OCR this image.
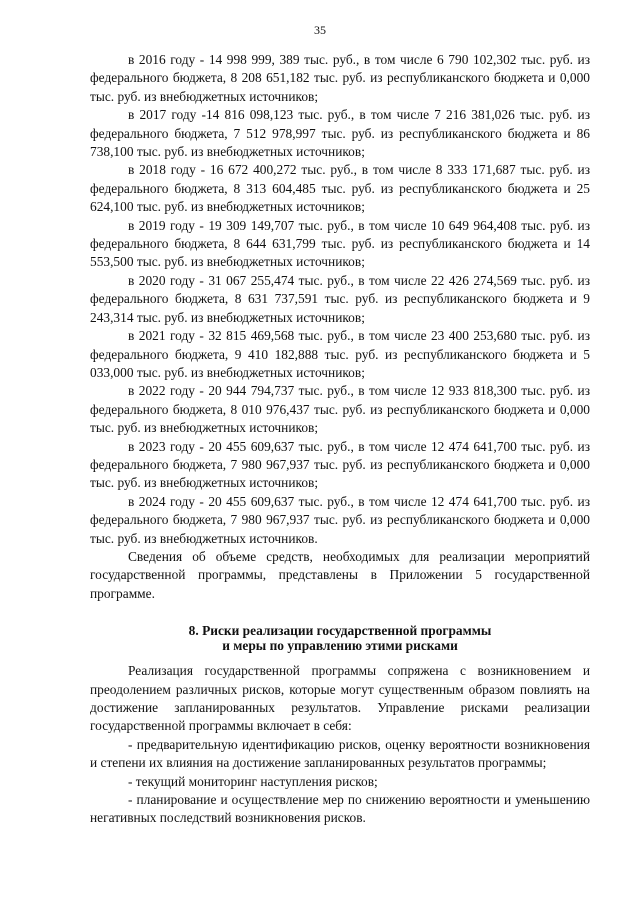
35

в 2016 году - 14 998 999, 389 тыс. руб., в том числе 6 790 102,302 тыс. руб. из федерального бюджета, 8 208 651,182 тыс. руб. из республиканского бюджета и 0,000 тыс. руб. из внебюджетных источников;

в 2017 году -14 816 098,123 тыс. руб., в том числе 7 216 381,026 тыс. руб. из федерального бюджета, 7 512 978,997 тыс. руб. из республиканского бюджета и 86 738,100 тыс. руб. из внебюджетных источников;

в 2018 году - 16 672 400,272 тыс. руб., в том числе 8 333 171,687 тыс. руб. из федерального бюджета, 8 313 604,485 тыс. руб. из республиканского бюджета и 25 624,100 тыс. руб. из внебюджетных источников;

в 2019 году - 19 309 149,707 тыс. руб., в том числе 10 649 964,408 тыс. руб. из федерального бюджета, 8 644 631,799 тыс. руб. из республиканского бюджета и 14 553,500 тыс. руб. из внебюджетных источников;

в 2020 году - 31 067 255,474 тыс. руб., в том числе 22 426 274,569 тыс. руб. из федерального бюджета, 8 631 737,591 тыс. руб. из республиканского бюджета и 9 243,314 тыс. руб. из внебюджетных источников;

в 2021 году - 32 815 469,568 тыс. руб., в том числе 23 400 253,680 тыс. руб. из федерального бюджета, 9 410 182,888 тыс. руб. из республиканского бюджета и 5 033,000 тыс. руб. из внебюджетных источников;

в 2022 году - 20 944 794,737 тыс. руб., в том числе 12 933 818,300 тыс. руб. из федерального бюджета, 8 010 976,437 тыс. руб. из республиканского бюджета и 0,000 тыс. руб. из внебюджетных источников;

в 2023 году - 20 455 609,637 тыс. руб., в том числе 12 474 641,700 тыс. руб. из федерального бюджета, 7 980 967,937 тыс. руб. из республиканского бюджета и 0,000 тыс. руб. из внебюджетных источников;

в 2024 году - 20 455 609,637 тыс. руб., в том числе 12 474 641,700 тыс. руб. из федерального бюджета, 7 980 967,937 тыс. руб. из республиканского бюджета и 0,000 тыс. руб. из внебюджетных источников.

Сведения об объеме средств, необходимых для реализации мероприятий государственной программы, представлены в Приложении 5 государственной программе.

8. Риски реализации государственной программы
и меры по управлению этими рисками

Реализация государственной программы сопряжена с возникновением и преодолением различных рисков, которые могут существенным образом повлиять на достижение запланированных результатов. Управление рисками реализации государственной программы включает в себя:

- предварительную идентификацию рисков, оценку вероятности возникновения и степени их влияния на достижение запланированных результатов программы;

- текущий мониторинг наступления рисков;

- планирование и осуществление мер по снижению вероятности и уменьшению негативных последствий возникновения рисков.
